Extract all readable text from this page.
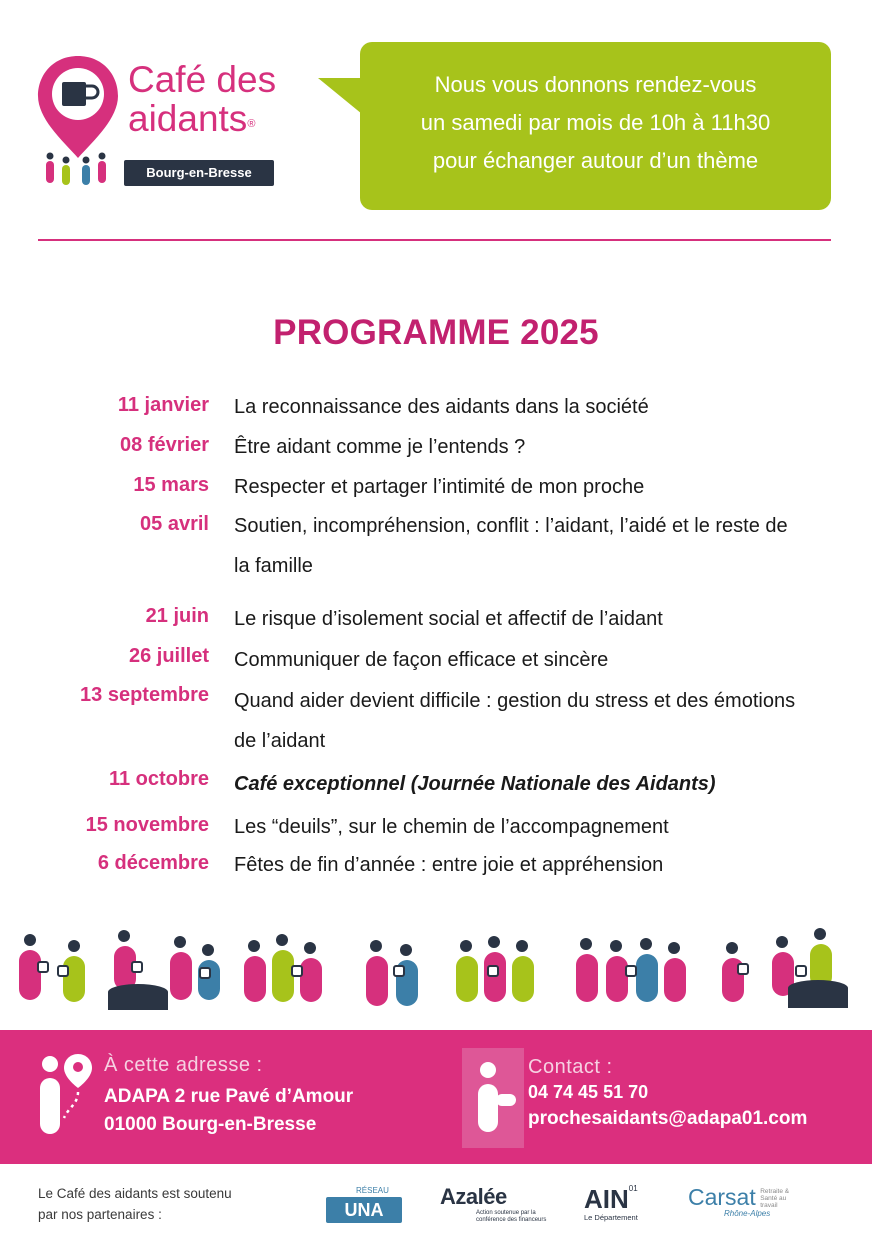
Café des
aidants®
Bourg-en-Bresse
Nous vous donnons rendez-vous
un samedi par mois de 10h à 11h30
pour échanger autour d’un thème
PROGRAMME 2025
11 janvier La reconnaissance des aidants dans la société
08 février Être aidant comme je l’entends ?
15 mars Respecter et partager l’intimité de mon proche
05 avril Soutien, incompréhension, conflit : l’aidant, l’aidé et le reste de la famille
21 juin Le risque d’isolement social et affectif de l’aidant
26 juillet Communiquer de façon efficace et sincère
13 septembre Quand aider devient difficile : gestion du stress et des émotions de l’aidant
11 octobre Café exceptionnel (Journée Nationale des Aidants)
15 novembre Les “deuils”, sur le chemin de l’accompagnement
6 décembre Fêtes de fin d’année : entre joie et appréhension
À cette adresse :
ADAPA 2 rue Pavé d’Amour
01000 Bourg-en-Bresse
Contact :
04 74 45 51 70
prochesaidants@adapa01.com
Le Café des aidants est soutenu
par nos partenaires :
RÉSEAU
UNA
Azalée
Action soutenue par la conférence des financeurs
AIN$^{01}$
Le Département
Carsat Retraite & Santé au travail
Rhône-Alpes
